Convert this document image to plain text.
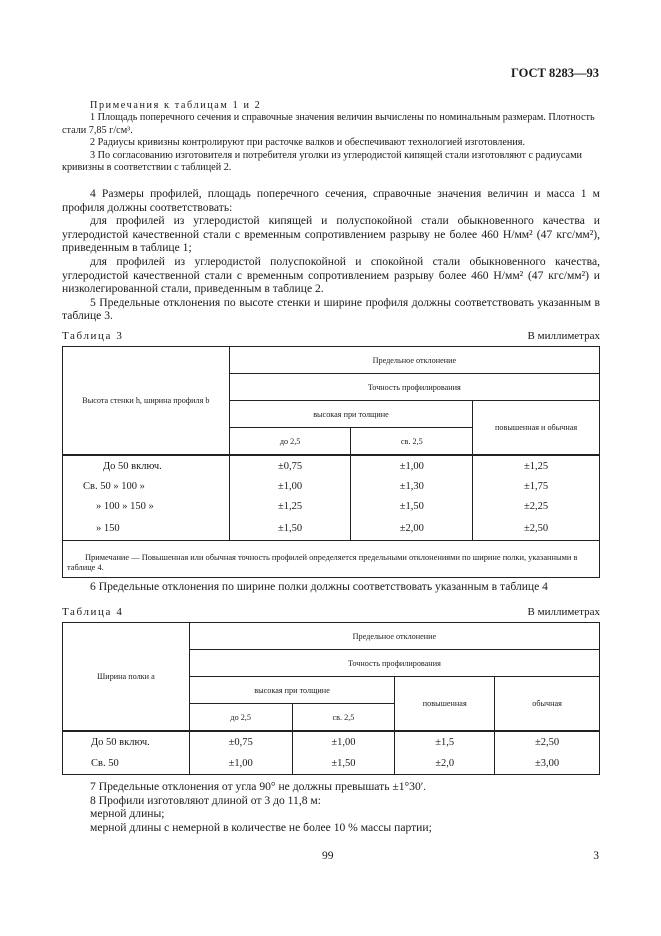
ГОСТ 8283—93
Примечания к таблицам 1 и 2
1 Площадь поперечного сечения и справочные значения величин вычислены по номинальным размерам. Плотность стали 7,85 г/см³.
2 Радиусы кривизны контролируют при расточке валков и обеспечивают технологией изготовления.
3 По согласованию изготовителя и потребителя уголки из углеродистой кипящей стали изготовляют с радиусами кривизны в соответствии с таблицей 2.
4 Размеры профилей, площадь поперечного сечения, справочные значения величин и масса 1 м профиля должны соответствовать:
для профилей из углеродистой кипящей и полуспокойной стали обыкновенного качества и углеродистой качественной стали с временным сопротивлением разрыву не более 460 Н/мм² (47 кгс/мм²), приведенным в таблице 1;
для профилей из углеродистой полуспокойной и спокойной стали обыкновенного качества, углеродистой качественной стали с временным сопротивлением разрыву более 460 Н/мм² (47 кгс/мм²) и низколегированной стали, приведенным в таблице 2.
5 Предельные отклонения по высоте стенки и ширине профиля должны соответствовать указанным в таблице 3.
Таблица 3	В миллиметрах
Высота стенки h, ширина профиля b	Предельное отклонение		
	Точность профилирования		
	высокая при толщине		повышенная и обычная
	до 2,5	св. 2,5	
До 50 включ.	±0,75	±1,00	±1,25
Св. 50 » 100 »	±1,00	±1,30	±1,75
» 100 » 150 »	±1,25	±1,50	±2,25
» 150	±1,50	±2,00	±2,50
Примечание — Повышенная или обычная точность профилей определяется предельными отклонениями по ширине полки, указанными в таблице 4.			
6 Предельные отклонения по ширине полки должны соответствовать указанным в таблице 4
Таблица 4	В миллиметрах
Ширина полки a	Предельное отклонение			
	Точность профилирования			
	высокая при толщине		повышенная	обычная
	до 2,5	св. 2,5		
До 50 включ.	±0,75	±1,00	±1,5	±2,50
Св. 50	±1,00	±1,50	±2,0	±3,00
7 Предельные отклонения от угла 90° не должны превышать ±1°30′.
8 Профили изготовляют длиной от 3 до 11,8 м:
мерной длины;
мерной длины с немерной в количестве не более 10 % массы партии;
99	3
